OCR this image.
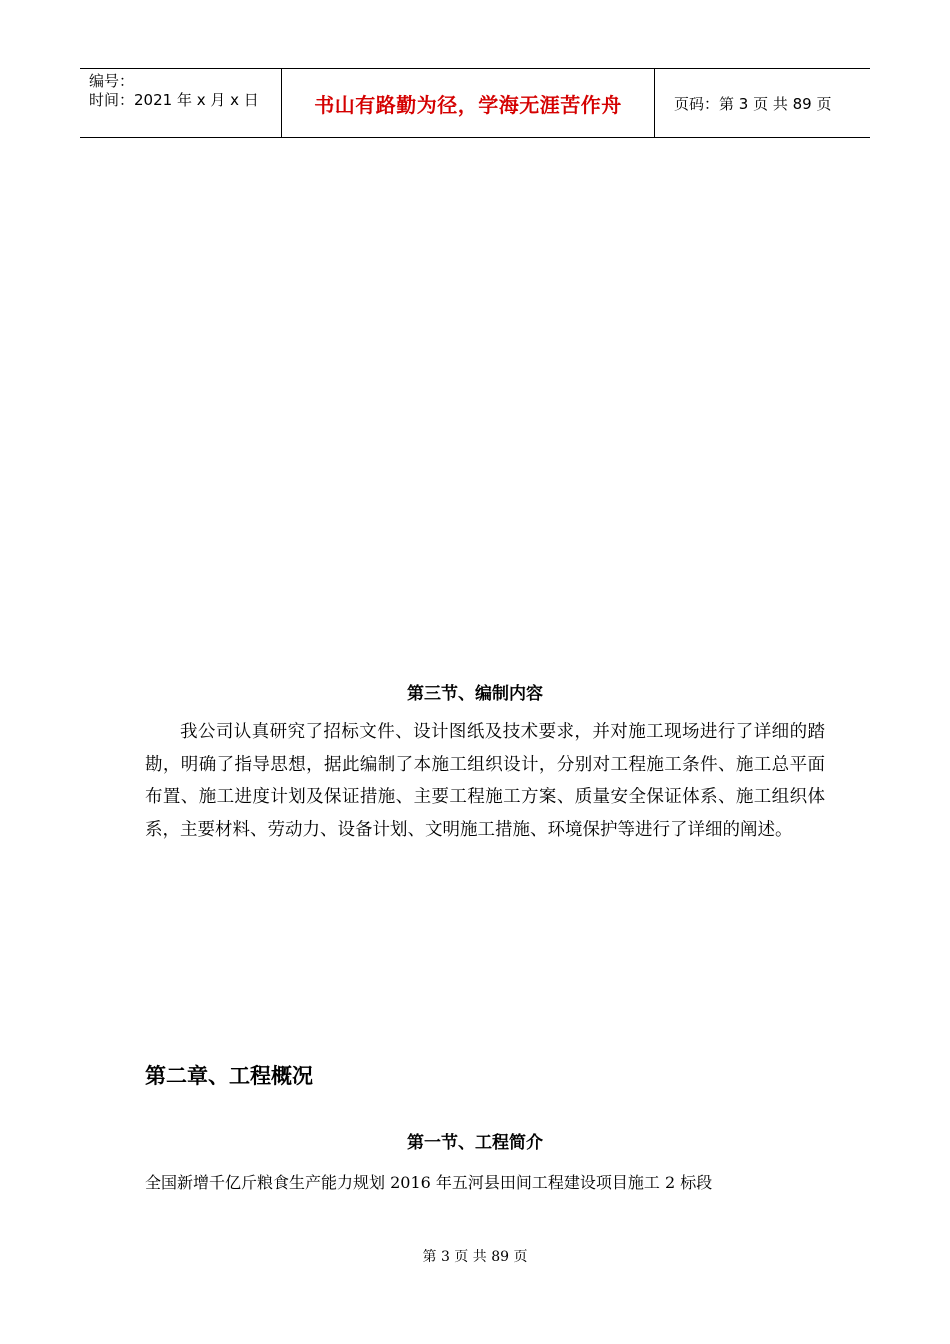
编号：
时间：2021 年 x 月 x 日	书山有路勤为径，学海无涯苦作舟	页码：第 3 页 共 89 页
第三节、编制内容
我公司认真研究了招标文件、设计图纸及技术要求，并对施工现场进行了详细的踏勘，明确了指导思想，据此编制了本施工组织设计，分别对工程施工条件、施工总平面布置、施工进度计划及保证措施、主要工程施工方案、质量安全保证体系、施工组织体系，主要材料、劳动力、设备计划、文明施工措施、环境保护等进行了详细的阐述。
第二章、工程概况
第一节、工程简介
全国新增千亿斤粮食生产能力规划 2016 年五河县田间工程建设项目施工 2 标段
第 3 页 共 89 页
